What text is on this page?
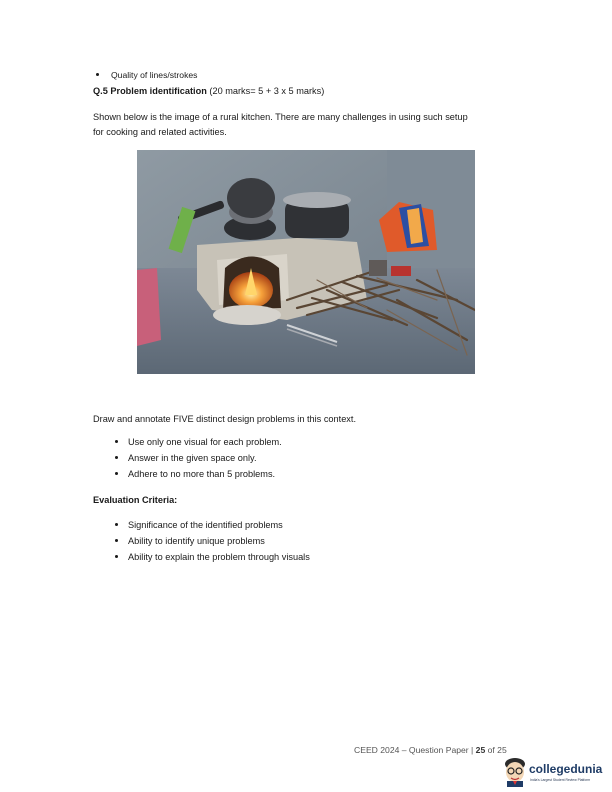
Quality of lines/strokes
Q.5 Problem identification (20 marks= 5 + 3 x 5 marks)
Shown below is the image of a rural kitchen. There are many challenges in using such setup
for cooking and related activities.
Draw and annotate FIVE distinct design problems in this context.
Use only one visual for each problem.
Answer in the given space only.
Adhere to no more than 5 problems.
Evaluation Criteria:
Significance of the identified problems
Ability to identify unique problems
Ability to explain the problem through visuals
CEED 2024 – Question Paper | 25 of 25
collegedunia
India's Largest Student Review Platform
